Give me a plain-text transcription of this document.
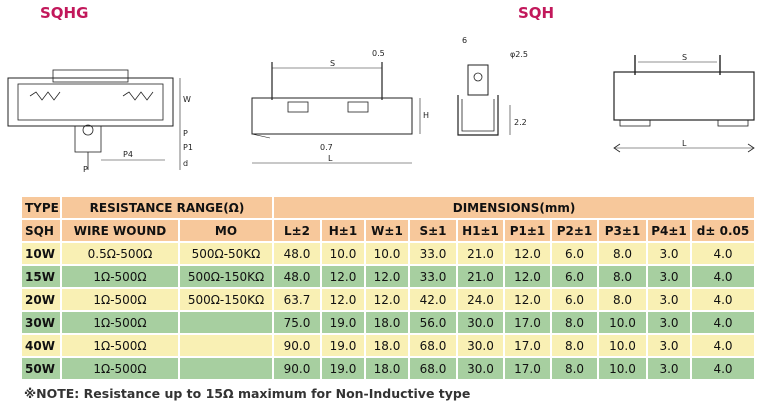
SQHG	SQH
W
P
P1
P4
P
d
S
0.5
H
0.7
L
6
φ2.5
2.2
S
L
TYPE	RESISTANCE RANGE(Ω)		DIMENSIONS(mm)									
SQH	WIRE WOUND	MO	L±2	H±1	W±1	S±1	H1±1	P1±1	P2±1	P3±1	P4±1	d± 0.05
10W	0.5Ω-500Ω	500Ω-50KΩ	48.0	10.0	10.0	33.0	21.0	12.0	6.0	8.0	3.0	4.0
15W	1Ω-500Ω	500Ω-150KΩ	48.0	12.0	12.0	33.0	21.0	12.0	6.0	8.0	3.0	4.0
20W	1Ω-500Ω	500Ω-150KΩ	63.7	12.0	12.0	42.0	24.0	12.0	6.0	8.0	3.0	4.0
30W	1Ω-500Ω		75.0	19.0	18.0	56.0	30.0	17.0	8.0	10.0	3.0	4.0
40W	1Ω-500Ω		90.0	19.0	18.0	68.0	30.0	17.0	8.0	10.0	3.0	4.0
50W	1Ω-500Ω		90.0	19.0	18.0	68.0	30.0	17.0	8.0	10.0	3.0	4.0
※NOTE: Resistance up to 15Ω maximum for Non-Inductive type
